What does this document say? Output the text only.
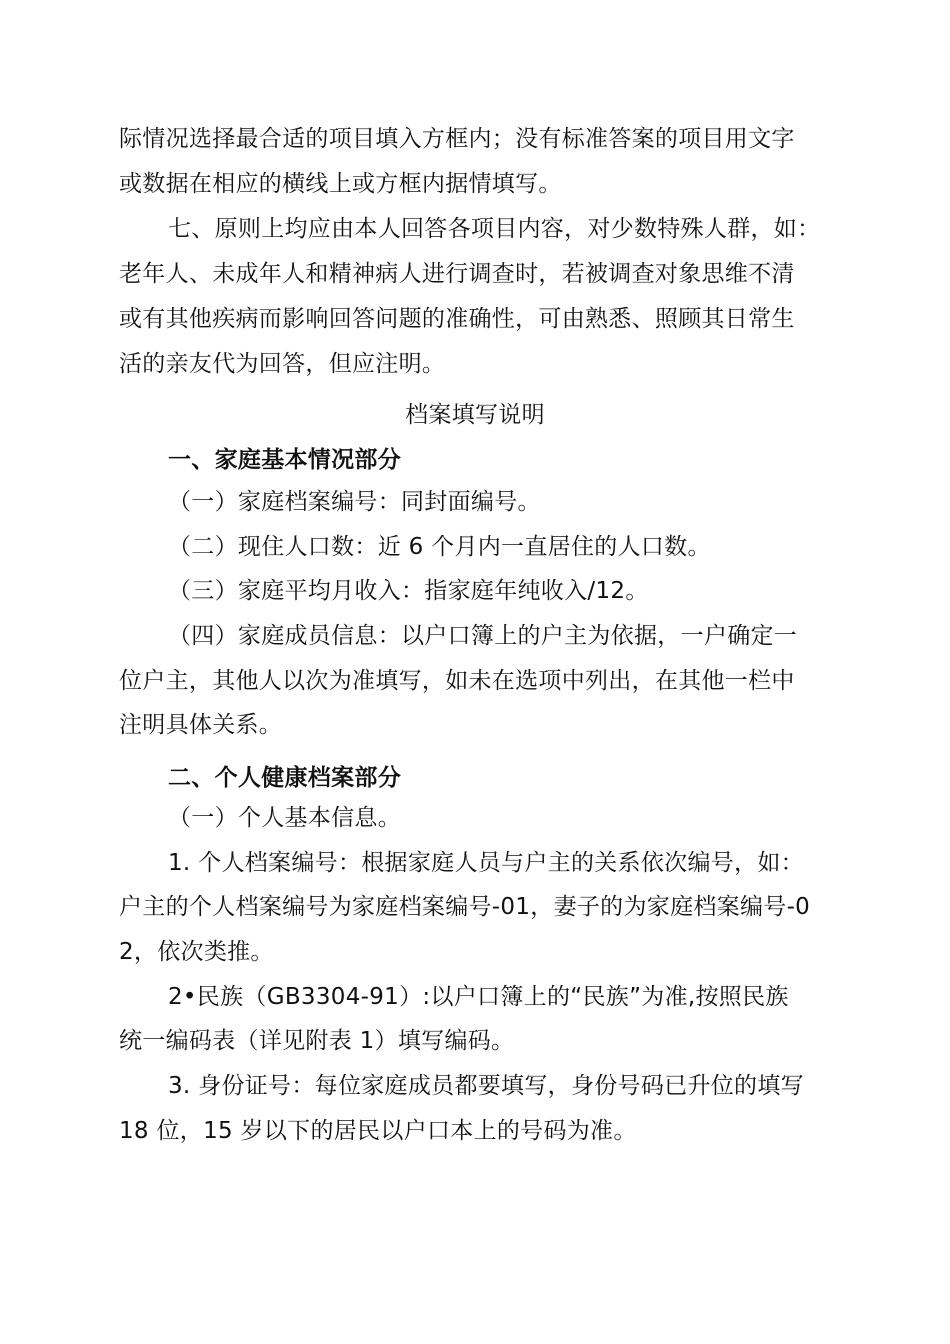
际情况选择最合适的项目填入方框内；没有标准答案的项目用文字
或数据在相应的横线上或方框内据情填写。
七、原则上均应由本人回答各项目内容，对少数特殊人群，如：
老年人、未成年人和精神病人进行调查时，若被调查对象思维不清
或有其他疾病而影响回答问题的准确性，可由熟悉、照顾其日常生
活的亲友代为回答，但应注明。
档案填写说明
一、家庭基本情况部分
（一）家庭档案编号：同封面编号。
（二）现住人口数：近 6 个月内一直居住的人口数。
（三）家庭平均月收入：指家庭年纯收入/12。
（四）家庭成员信息：以户口簿上的户主为依据，一户确定一
位户主，其他人以次为准填写，如未在选项中列出，在其他一栏中
注明具体关系。
二、个人健康档案部分
（一）个人基本信息。
1. 个人档案编号：根据家庭人员与户主的关系依次编号，如：
户主的个人档案编号为家庭档案编号-01，妻子的为家庭档案编号-0
2，依次类推。
2•民族（GB3304-91）:以户口簿上的“民族”为准,按照民族
统一编码表（详见附表 1）填写编码。
3. 身份证号：每位家庭成员都要填写，身份号码已升位的填写
18 位，15 岁以下的居民以户口本上的号码为准。
